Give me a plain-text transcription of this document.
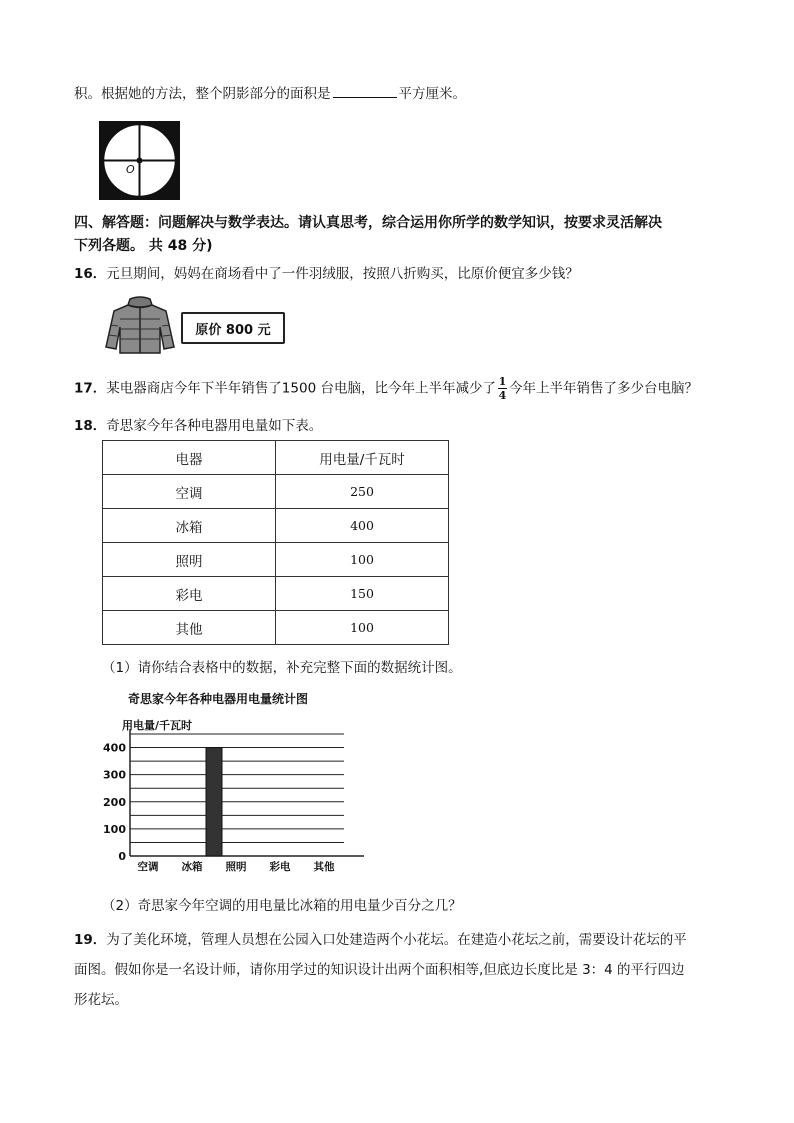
积。根据她的方法，整个阴影部分的面积是	平方厘米。
O
四、解答题：问题解决与数学表达。请认真思考，综合运用你所学的数学知识，按要求灵活解决
下列各题。 共 48 分)
16．元旦期间，妈妈在商场看中了一件羽绒服，按照八折购买，比原价便宜多少钱？
原价 800 元
17．某电器商店今年下半年销售了1500 台电脑，比今年上半年减少了 $\frac{1}{4}$ 今年上半年销售了多少台电脑？
18．奇思家今年各种电器用电量如下表。
电器	用电量/千瓦时
空调	250
冰箱	400
照明	100
彩电	150
其他	100
（1）请你结合表格中的数据，补充完整下面的数据统计图。
奇思家今年各种电器用电量统计图
用电量/千瓦时
0
100
200
300
400
空调 冰箱 照明 彩电 其他
（2）奇思家今年空调的用电量比冰箱的用电量少百分之几？
19．为了美化环境，管理人员想在公园入口处建造两个小花坛。在建造小花坛之前，需要设计花坛的平
面图。假如你是一名设计师，请你用学过的知识设计出两个面积相等,但底边长度比是 3：4 的平行四边
形花坛。
